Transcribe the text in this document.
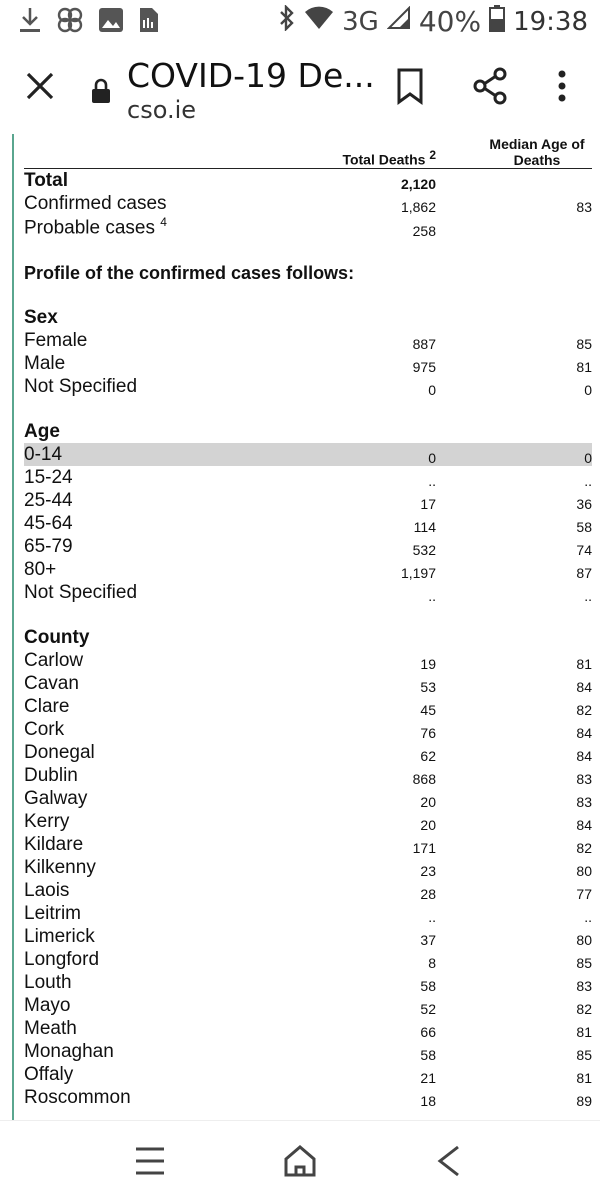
3G 40% 19:38
COVID-19 De...
cso.ie
	Total Deaths $^2$	Median Age of Deaths
Total	2,120	
Confirmed cases	1,862	83
Probable cases $^4$	258	

Profile of the confirmed cases follows:		

Sex		
Female	887	85
Male	975	81
Not Specified	0	0

Age		
0-14	0	0
15-24	..	..
25-44	17	36
45-64	114	58
65-79	532	74
80+	1,197	87
Not Specified	..	..

County		
Carlow	19	81
Cavan	53	84
Clare	45	82
Cork	76	84
Donegal	62	84
Dublin	868	83
Galway	20	83
Kerry	20	84
Kildare	171	82
Kilkenny	23	80
Laois	28	77
Leitrim	..	..
Limerick	37	80
Longford	8	85
Louth	58	83
Mayo	52	82
Meath	66	81
Monaghan	58	85
Offaly	21	81
Roscommon	18	89
